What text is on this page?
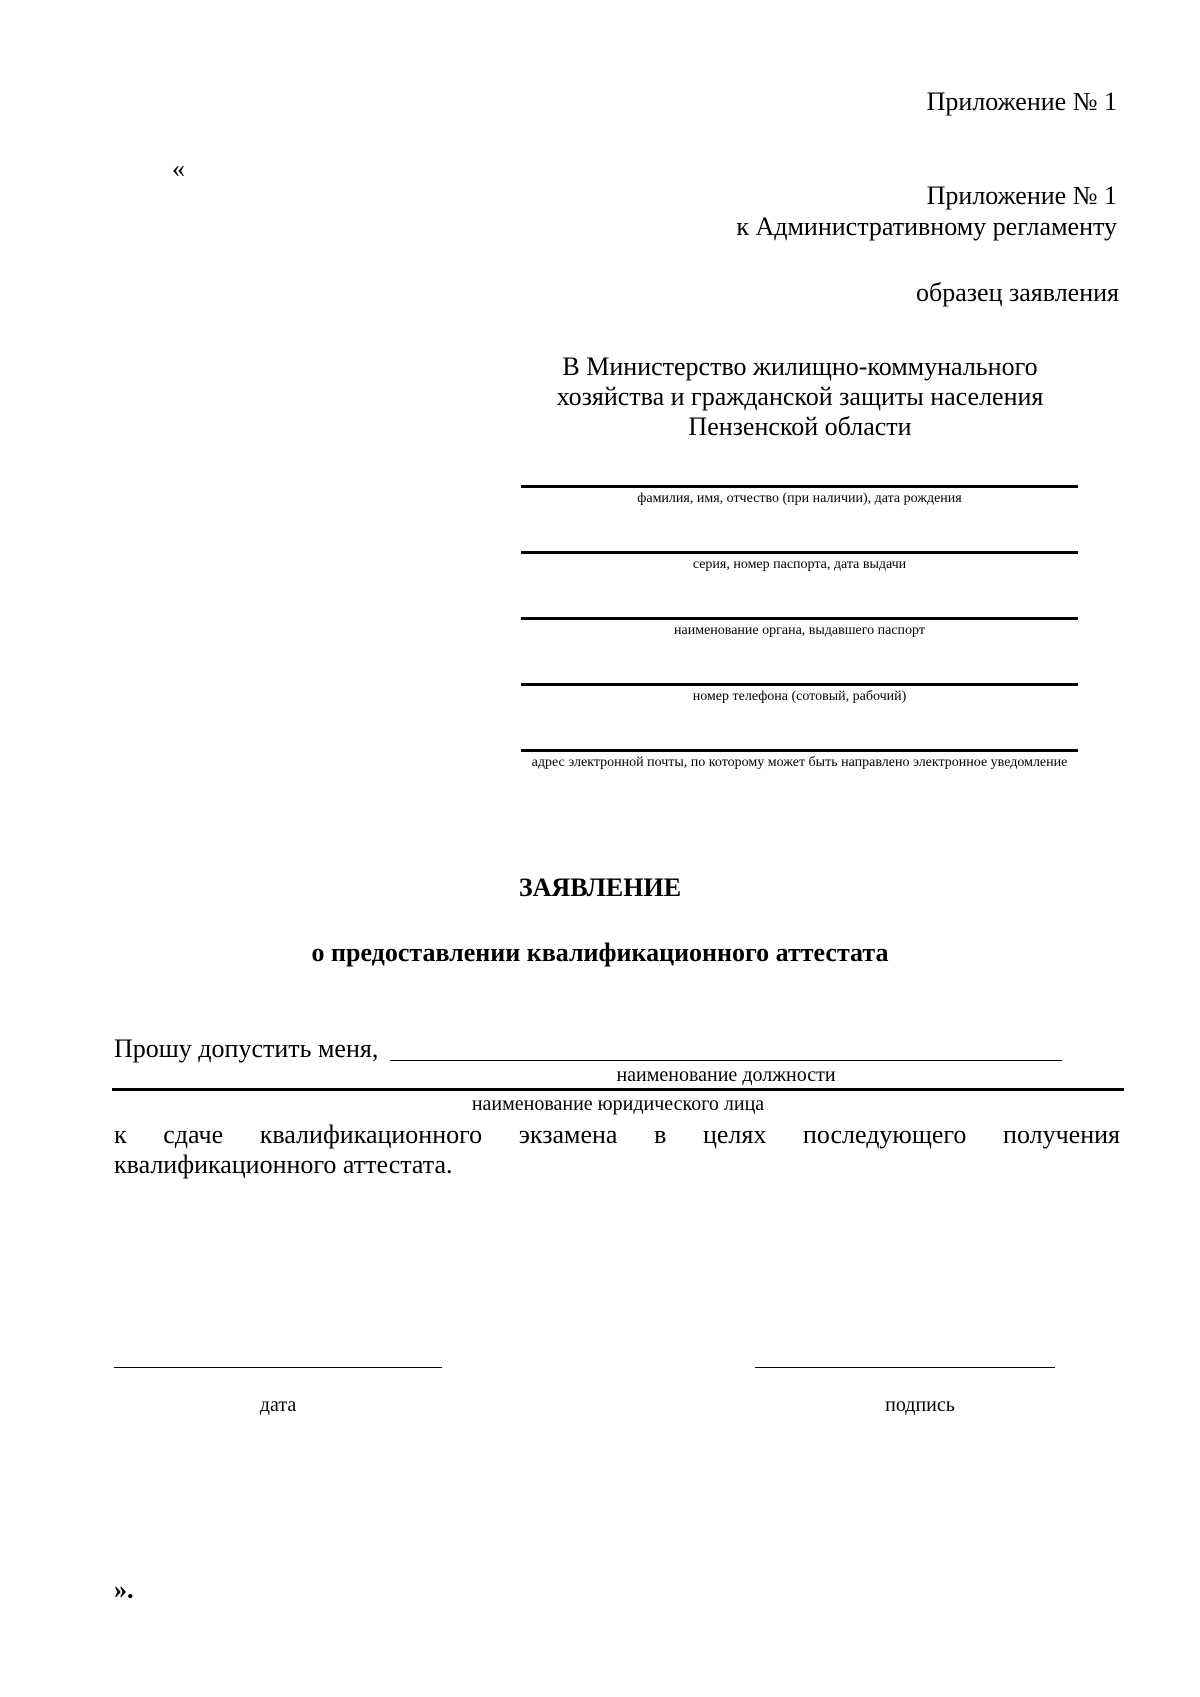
Приложение № 1
«
Приложение № 1
к Административному регламенту
образец заявления
В Министерство жилищно-коммунального
хозяйства и гражданской защиты населения
Пензенской области
фамилия, имя, отчество (при наличии), дата рождения
серия, номер паспорта, дата выдачи
наименование органа, выдавшего паспорт
номер телефона (сотовый, рабочий)
адрес электронной почты, по которому может быть направлено электронное уведомление
ЗАЯВЛЕНИЕ
о предоставлении квалификационного аттестата
Прошу допустить меня,
наименование должности
наименование юридического лица
к сдаче квалификационного экзамена в целях последующего получения
квалификационного аттестата.
дата	подпись
».
